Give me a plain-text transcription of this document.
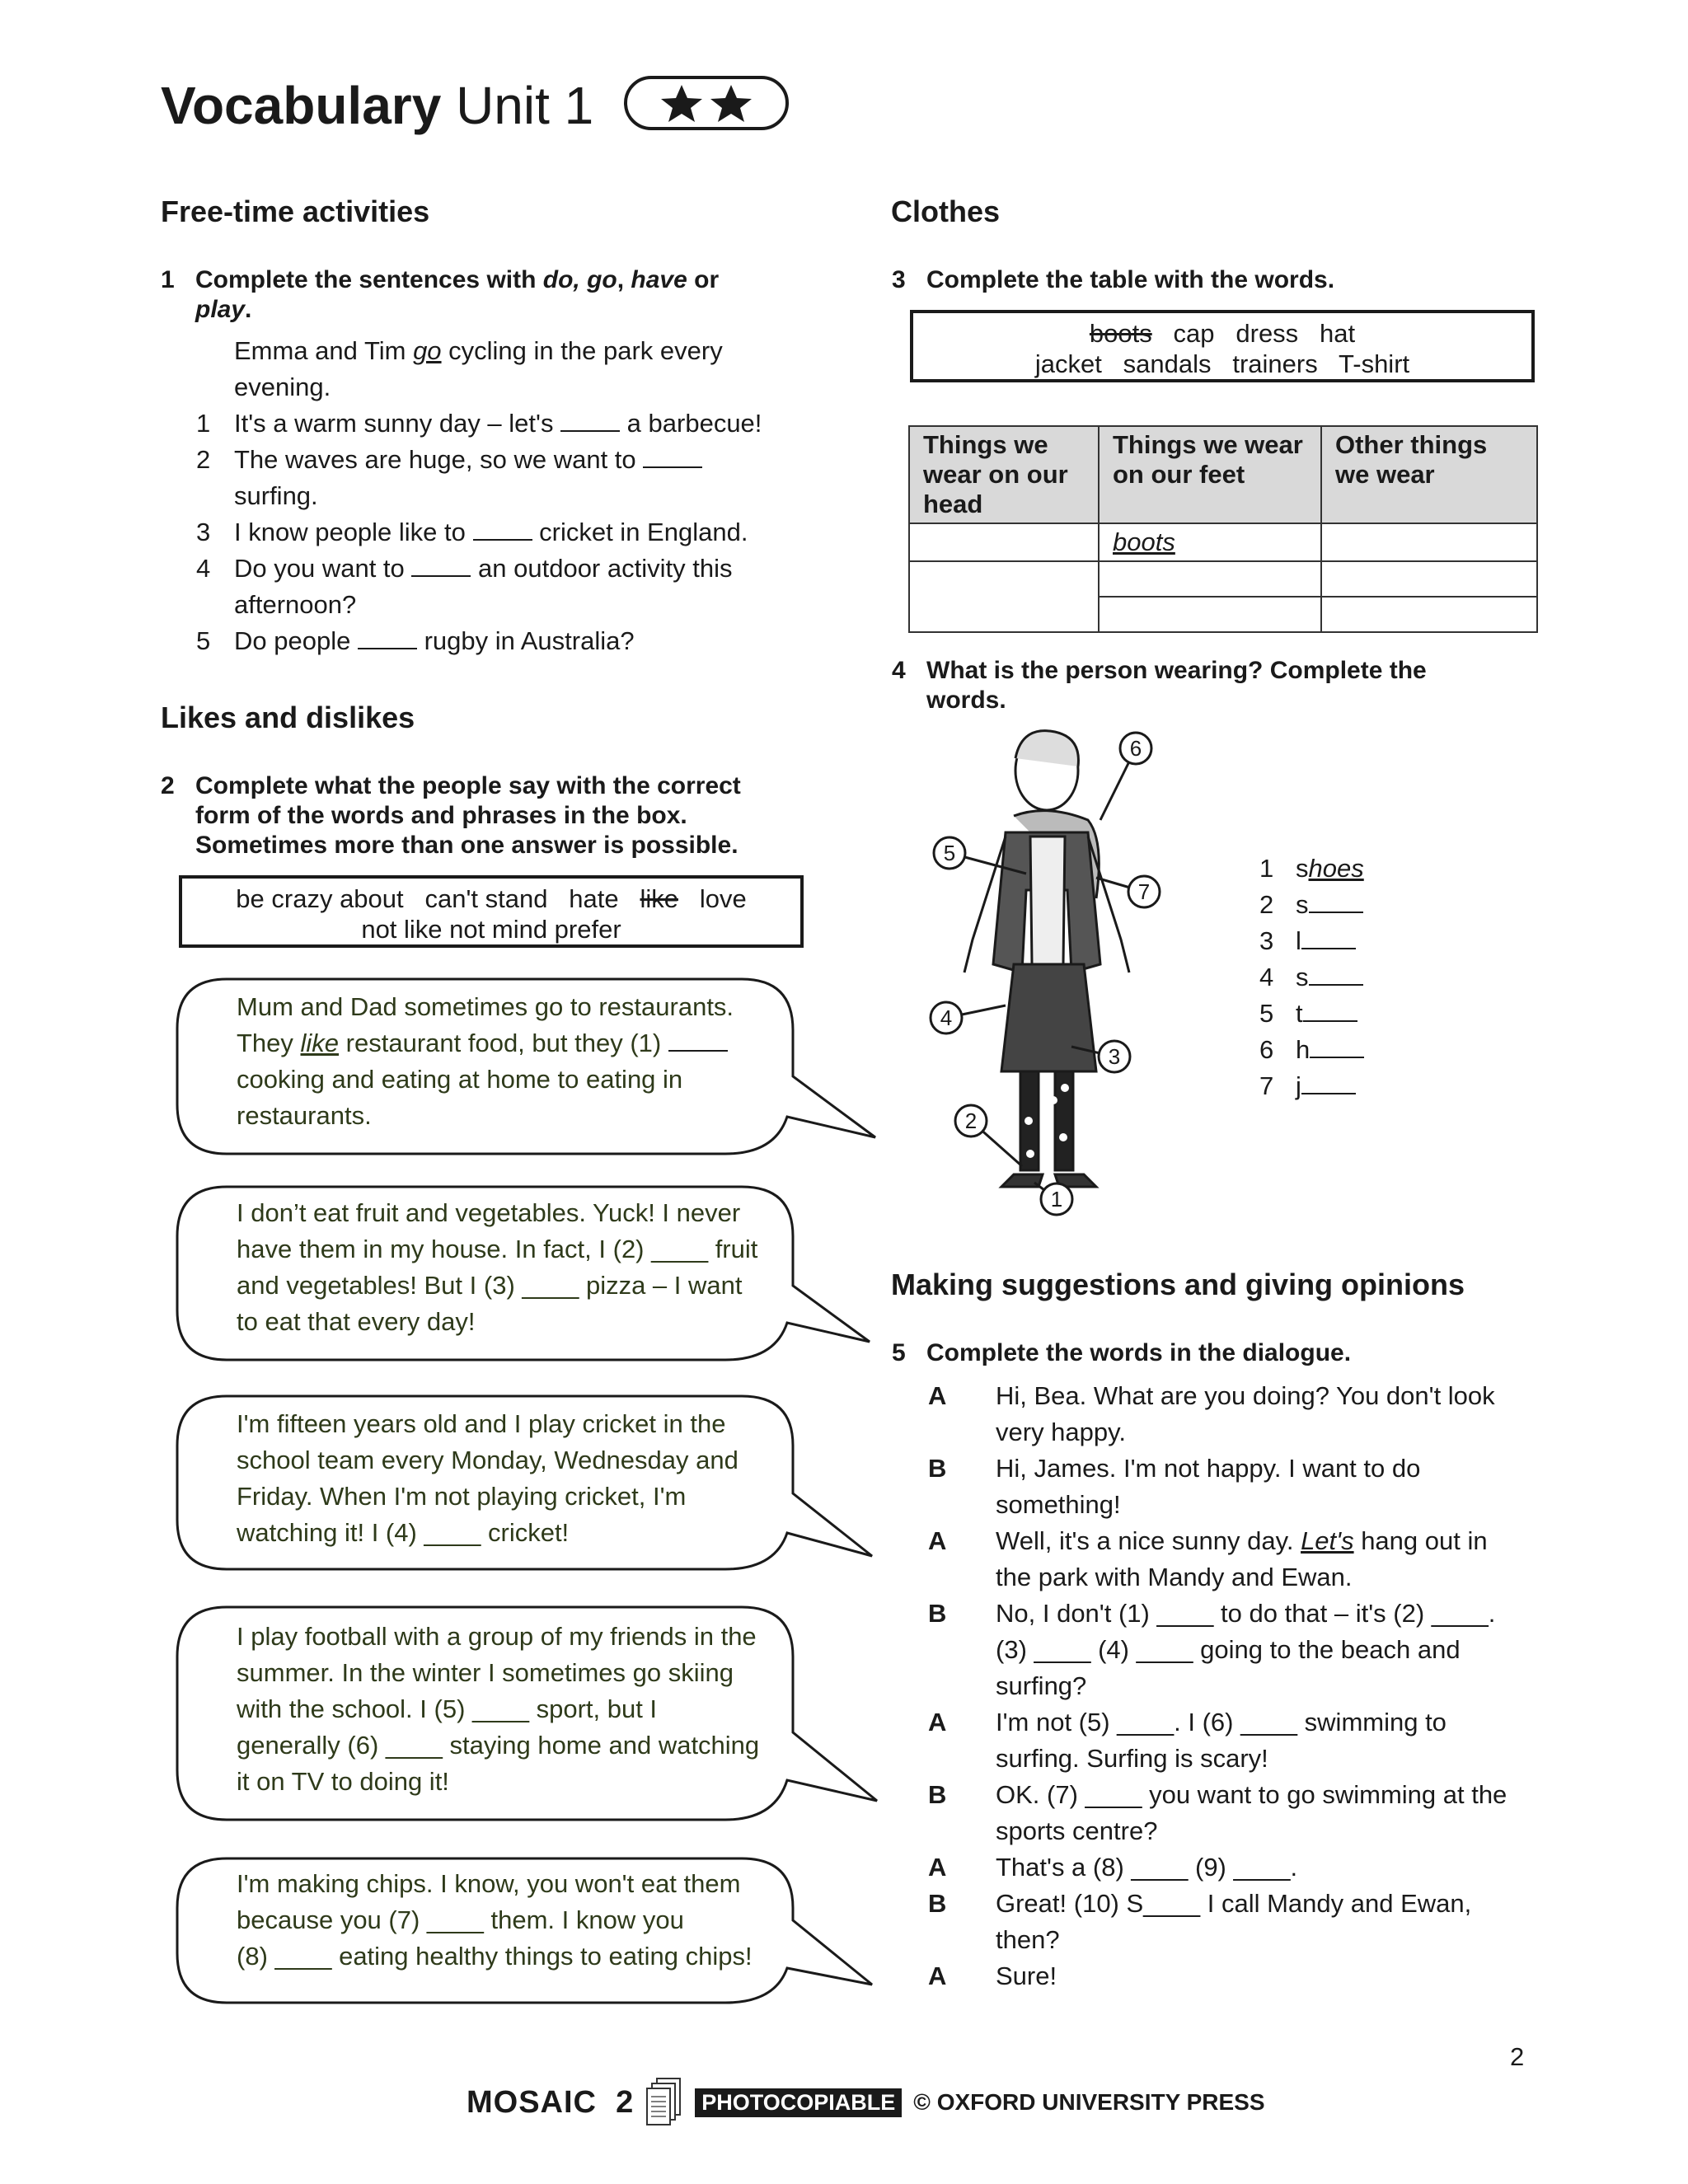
Vocabulary Unit 1
Free-time activities
1 Complete the sentences with do, go, have or
play.
Emma and Tim go cycling in the park every
evening.
1 It's a warm sunny day – let's  a barbecue!
2 The waves are huge, so we want to
surfing.
3 I know people like to  cricket in England.
4 Do you want to  an outdoor activity this
afternoon?
5 Do people  rugby in Australia?
Likes and dislikes
2 Complete what the people say with the correct
form of the words and phrases in the box.
Sometimes more than one answer is possible.
be crazy about   can't stand   hate   like   love
not like not mind prefer
Mum and Dad sometimes go to restaurants.
They like restaurant food, but they (1)
cooking and eating at home to eating in
restaurants.
I don’t eat fruit and vegetables. Yuck! I never
have them in my house. In fact, I (2) ____ fruit
and vegetables! But I (3) ____ pizza – I want
to eat that every day!
I'm fifteen years old and I play cricket in the
school team every Monday, Wednesday and
Friday. When I'm not playing cricket, I'm
watching it! I (4) ____ cricket!
I play football with a group of my friends in the
summer. In the winter I sometimes go skiing
with the school. I (5) ____ sport, but I
generally (6) ____ staying home and watching
it on TV to doing it!
I'm making chips. I know, you won't eat them
because you (7) ____ them. I know you
(8) ____ eating healthy things to eating chips!
Clothes
3 Complete the table with the words.
boots   cap   dress   hat
jacket   sandals   trainers   T-shirt
Things we wear on our head	Things we wear on our feet	Other things we wear
	boots	

4 What is the person wearing? Complete the
words.
6
5
7
4
3
2
1
1 shoes
2 s
3 l
4 s
5 t
6 h
7 j
Making suggestions and giving opinions
5 Complete the words in the dialogue.
A Hi, Bea. What are you doing? You don't look
very happy.
B Hi, James. I'm not happy. I want to do
something!
A Well, it's a nice sunny day. Let's hang out in
the park with Mandy and Ewan.
B No, I don't (1) ____ to do that – it's (2) ____.
(3) ____ (4) ____ going to the beach and
surfing?
A I'm not (5) ____. I (6) ____ swimming to
surfing. Surfing is scary!
B OK. (7) ____ you want to go swimming at the
sports centre?
A That's a (8) ____ (9) ____.
B Great! (10) S____ I call Mandy and Ewan,
then?
A Sure!
2
MOSAIC 2	PHOTOCOPIABLE © OXFORD UNIVERSITY PRESS
